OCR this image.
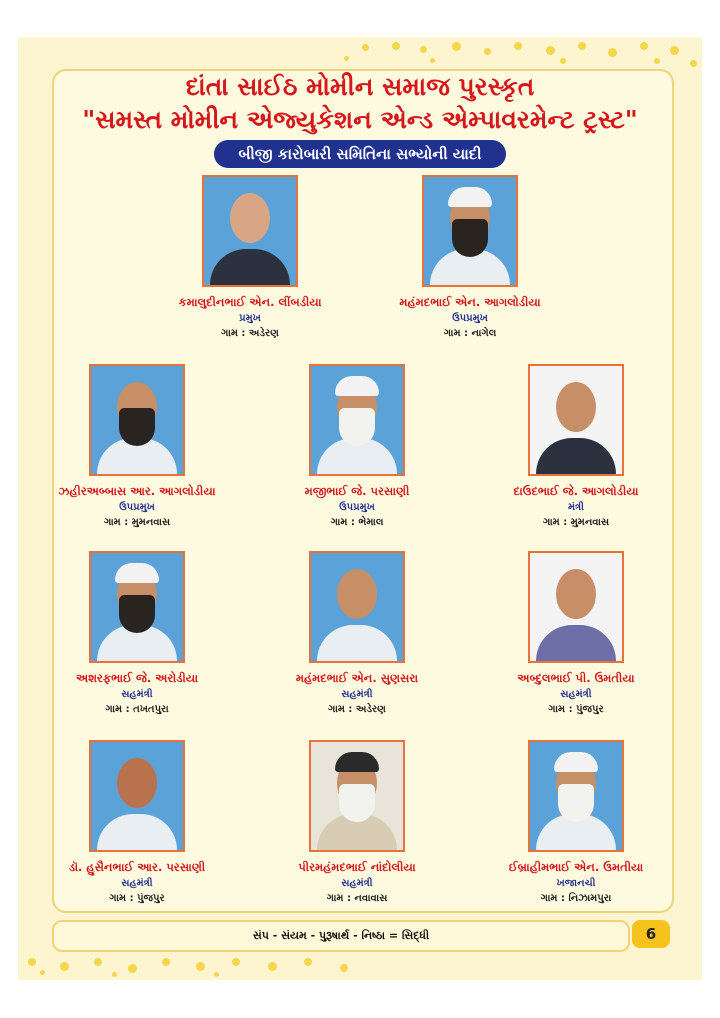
દાંતા સાઈઠ મોમીન સમાજ પુરસ્કૃત
"સમસ્ત મોમીન એજ્યુકેશન એન્ડ એમ્પાવરમેન્ટ ટ્રસ્ટ"
બીજી કારોબારી સમિતિના સભ્યોની યાદી
કમાલુદીનભાઈ એન. લીંબડીયા
પ્રમુખ
ગામ : અડેરણ
મહંમદભાઈ એન. આગલોડીયા
ઉપપ્રમુખ
ગામ : નાગેલ
ઝહીરઅબ્બાસ આર. આગલોડીયા
ઉપપ્રમુખ
ગામ : મુમનવાસ
મજીભાઈ જે. પરસાણી
ઉપપ્રમુખ
ગામ : ભેમાલ
દાઉદભાઈ જે. આગલોડીયા
મંત્રી
ગામ : મુમનવાસ
અશરફભાઈ જે. અરોડીયા
સહમંત્રી
ગામ : તખતપુરા
મહંમદભાઈ એન. સુણસરા
સહમંત્રી
ગામ : અડેરણ
અબ્દુલભાઈ પી. ઉમતીયા
સહમંત્રી
ગામ : પુંજપુર
ડૉ. હુસૈનભાઈ આર. પરસાણી
સહમંત્રી
ગામ : પુંજપુર
પીરમહંમદભાઈ નાંદોલીયા
સહમંત્રી
ગામ : નવાવાસ
ઈબ્રાહીમભાઈ એન. ઉમતીયા
ખજાનચી
ગામ : નિઝામપુરા
સંપ - સંયમ - પુરૂષાર્થ - નિષ્ઠા = સિદ્ધી	6
